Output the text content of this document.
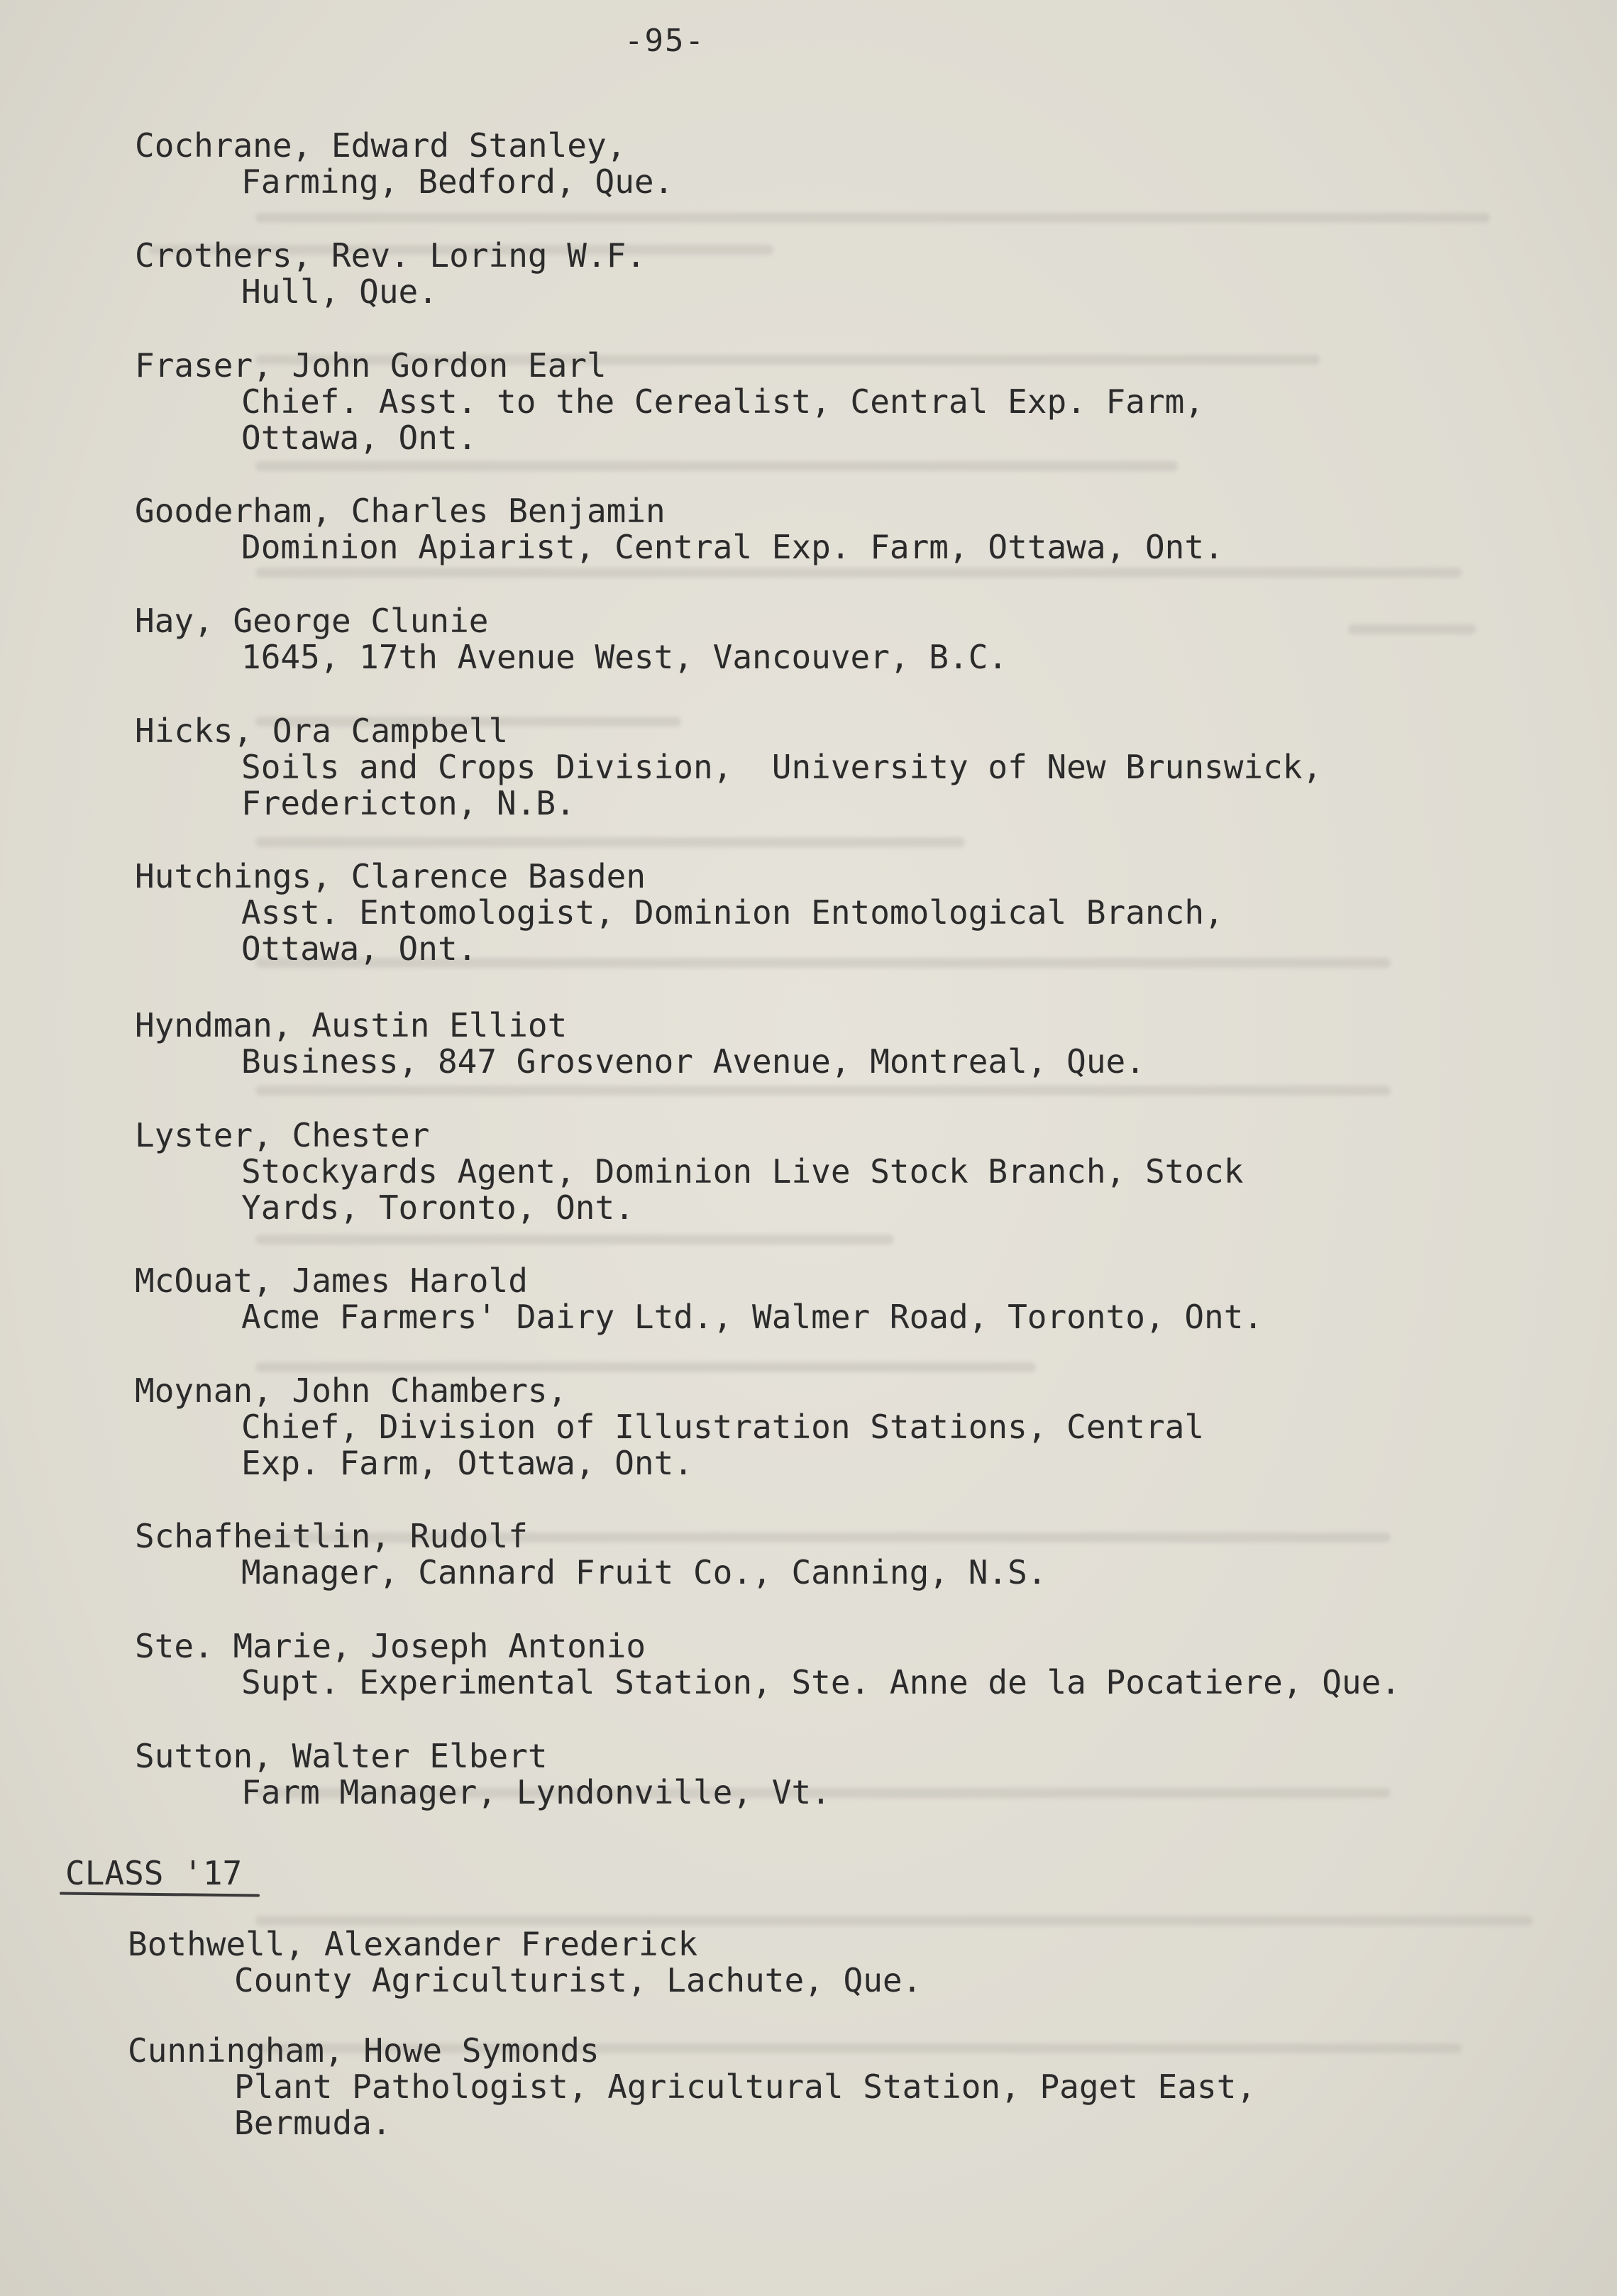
-95-
Cochrane, Edward Stanley,
Farming, Bedford, Que.
Crothers, Rev. Loring W.F.
Hull, Que.
Fraser, John Gordon Earl
Chief. Asst. to the Cerealist, Central Exp. Farm,
Ottawa, Ont.
Gooderham, Charles Benjamin
Dominion Apiarist, Central Exp. Farm, Ottawa, Ont.
Hay, George Clunie
1645, 17th Avenue West, Vancouver, B.C.
Hicks, Ora Campbell
Soils and Crops Division,  University of New Brunswick,
Fredericton, N.B.
Hutchings, Clarence Basden
Asst. Entomologist, Dominion Entomological Branch,
Ottawa, Ont.
Hyndman, Austin Elliot
Business, 847 Grosvenor Avenue, Montreal, Que.
Lyster, Chester
Stockyards Agent, Dominion Live Stock Branch, Stock
Yards, Toronto, Ont.
McOuat, James Harold
Acme Farmers' Dairy Ltd., Walmer Road, Toronto, Ont.
Moynan, John Chambers,
Chief, Division of Illustration Stations, Central
Exp. Farm, Ottawa, Ont.
Schafheitlin, Rudolf
Manager, Cannard Fruit Co., Canning, N.S.
Ste. Marie, Joseph Antonio
Supt. Experimental Station, Ste. Anne de la Pocatiere, Que.
Sutton, Walter Elbert
Farm Manager, Lyndonville, Vt.
CLASS '17
Bothwell, Alexander Frederick
County Agriculturist, Lachute, Que.
Cunningham, Howe Symonds
Plant Pathologist, Agricultural Station, Paget East,
Bermuda.
